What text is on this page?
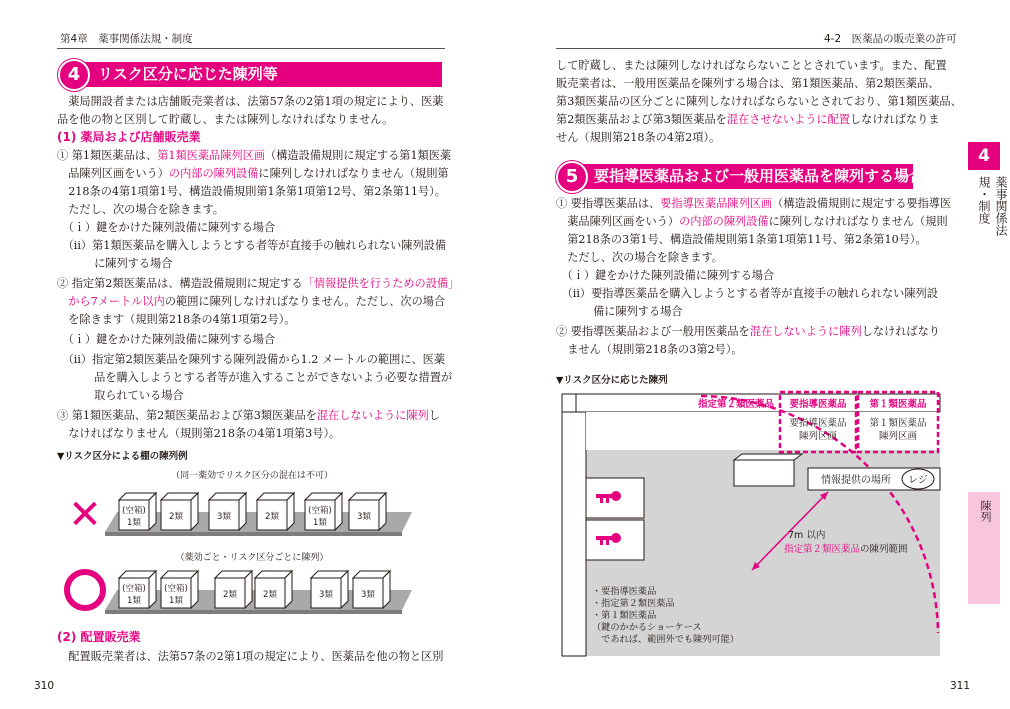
第4章　薬事関係法規・制度	4-2　医薬品の販売業の許可
4	リスク区分に応じた陳列等
　薬局開設者または店舗販売業者は、法第57条の2第1項の規定により、医薬
品を他の物と区別して貯蔵し、または陳列しなければなりません。
(1) 薬局および店舗販売業
① 第1類医薬品は、第1類医薬品陳列区画（構造設備規則に規定する第1類医薬
　品陳列区画をいう）の内部の陳列設備に陳列しなければなりません（規則第
　218条の4第1項第1号、構造設備規則第1条第1項第12号、第2条第11号）。
　ただし、次の場合を除きます。
　（ｉ）鍵をかけた陳列設備に陳列する場合
　（ii）第1類医薬品を購入しようとする者等が直接手の触れられない陳列設備
　　　 に陳列する場合
② 指定第2類医薬品は、構造設備規則に規定する「情報提供を行うための設備」
　から7メートル以内の範囲に陳列しなければなりません。ただし、次の場合
　を除きます（規則第218条の4第1項第2号）。
　（ｉ）鍵をかけた陳列設備に陳列する場合
　（ii）指定第2類医薬品を陳列する陳列設備から1.2 メートルの範囲に、医薬
　　　 品を購入しようとする者等が進入することができないよう必要な措置が
　　　 取られている場合
③ 第1類医薬品、第2類医薬品および第3類医薬品を混在しないように陳列し
　なければなりません（規則第218条の4第1項第3号）。
▼リスク区分による棚の陳列例
（同一薬効でリスク区分の混在は不可）
✕ (空箱)
1類
2類	3類	2類
(空箱)
1類
3類
（薬効ごと・リスク区分ごとに陳列）
◯
(空箱)
1類
(空箱)
1類
2類	2類	3類	3類
(2) 配置販売業
　配置販売業者は、法第57条の2第1項の規定により、医薬品を他の物と区別
して貯蔵し、または陳列しなければならないこととされています。また、配置
販売業者は、一般用医薬品を陳列する場合は、第1類医薬品、第2類医薬品、
第3類医薬品の区分ごとに陳列しなければならないとされており、第1類医薬品、
第2類医薬品および第3類医薬品を混在させないように配置しなければなりま
せん（規則第218条の4第2項）。
5	要指導医薬品および一般用医薬品を陳列する場合
① 要指導医薬品は、要指導医薬品陳列区画（構造設備規則に規定する要指導医
　薬品陳列区画をいう）の内部の陳列設備に陳列しなければなりません（規則
　第218条の3第1号、構造設備規則第1条第1項第11号、第2条第10号）。
　ただし、次の場合を除きます。
　（ｉ）鍵をかけた陳列設備に陳列する場合
　（ii）要指導医薬品を購入しようとする者等が直接手の触れられない陳列設
　　　 備に陳列する場合
② 要指導医薬品および一般用医薬品を混在しないように陳列しなければなり
　ません（規則第218条の3第2号）。
▼リスク区分に応じた陳列
指定第２類医薬品 要指導医薬品 第１類医薬品
要指導医薬品
陳列区画
第１類医薬品
陳列区画
情報提供の場所 レジ
7m 以内
指定第２類医薬品の陳列範囲
・要指導医薬品
・指定第２類医薬品
・第１類医薬品
（鍵のかかるショーケース
　であれば、範囲外でも陳列可能）
4
薬事関係法規・制度
陳列
310	311
